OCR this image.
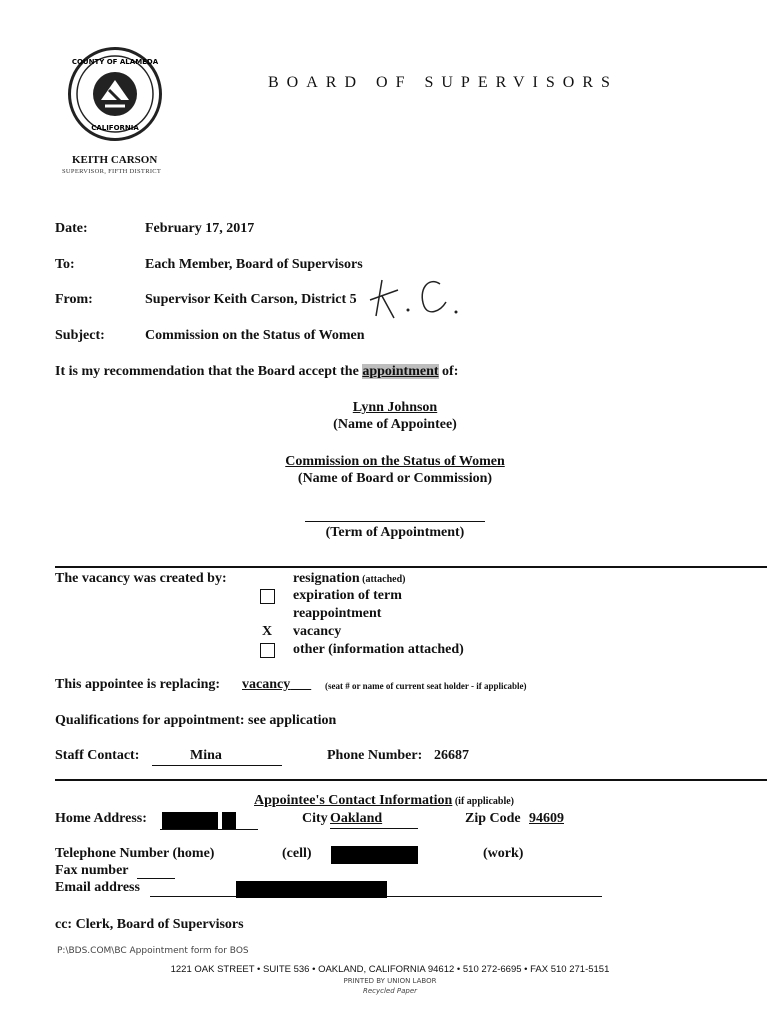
COUNTY OF ALAMEDA
CALIFORNIA
BOARD OF SUPERVISORS
KEITH CARSON
SUPERVISOR, FIFTH DISTRICT
Date:	February 17, 2017
To:	Each Member, Board of Supervisors
From:	Supervisor Keith Carson, District 5
Subject:	Commission on the Status of Women
It is my recommendation that the Board accept the appointment of:
Lynn Johnson
(Name of Appointee)
Commission on the Status of Women
(Name of Board or Commission)
(Term of Appointment)
The vacancy was created by:	resignation (attached)
expiration of term
reappointment
X vacancy
other (information attached)
This appointee is replacing: vacancy	(seat # or name of current seat holder - if applicable)
Qualifications for appointment: see application
Staff Contact:	Mina	Phone Number: 26687
Appointee's Contact Information (if applicable)
Home Address:	City Oakland	Zip Code 94609
Telephone Number (home)	(cell)	(work)
Fax number
Email address
cc: Clerk, Board of Supervisors
P:\BDS.COM\BC Appointment form for BOS
1221 OAK STREET • SUITE 536 • OAKLAND, CALIFORNIA 94612 • 510 272-6695 • FAX 510 271-5151
PRINTED BY UNION LABOR
Recycled Paper
